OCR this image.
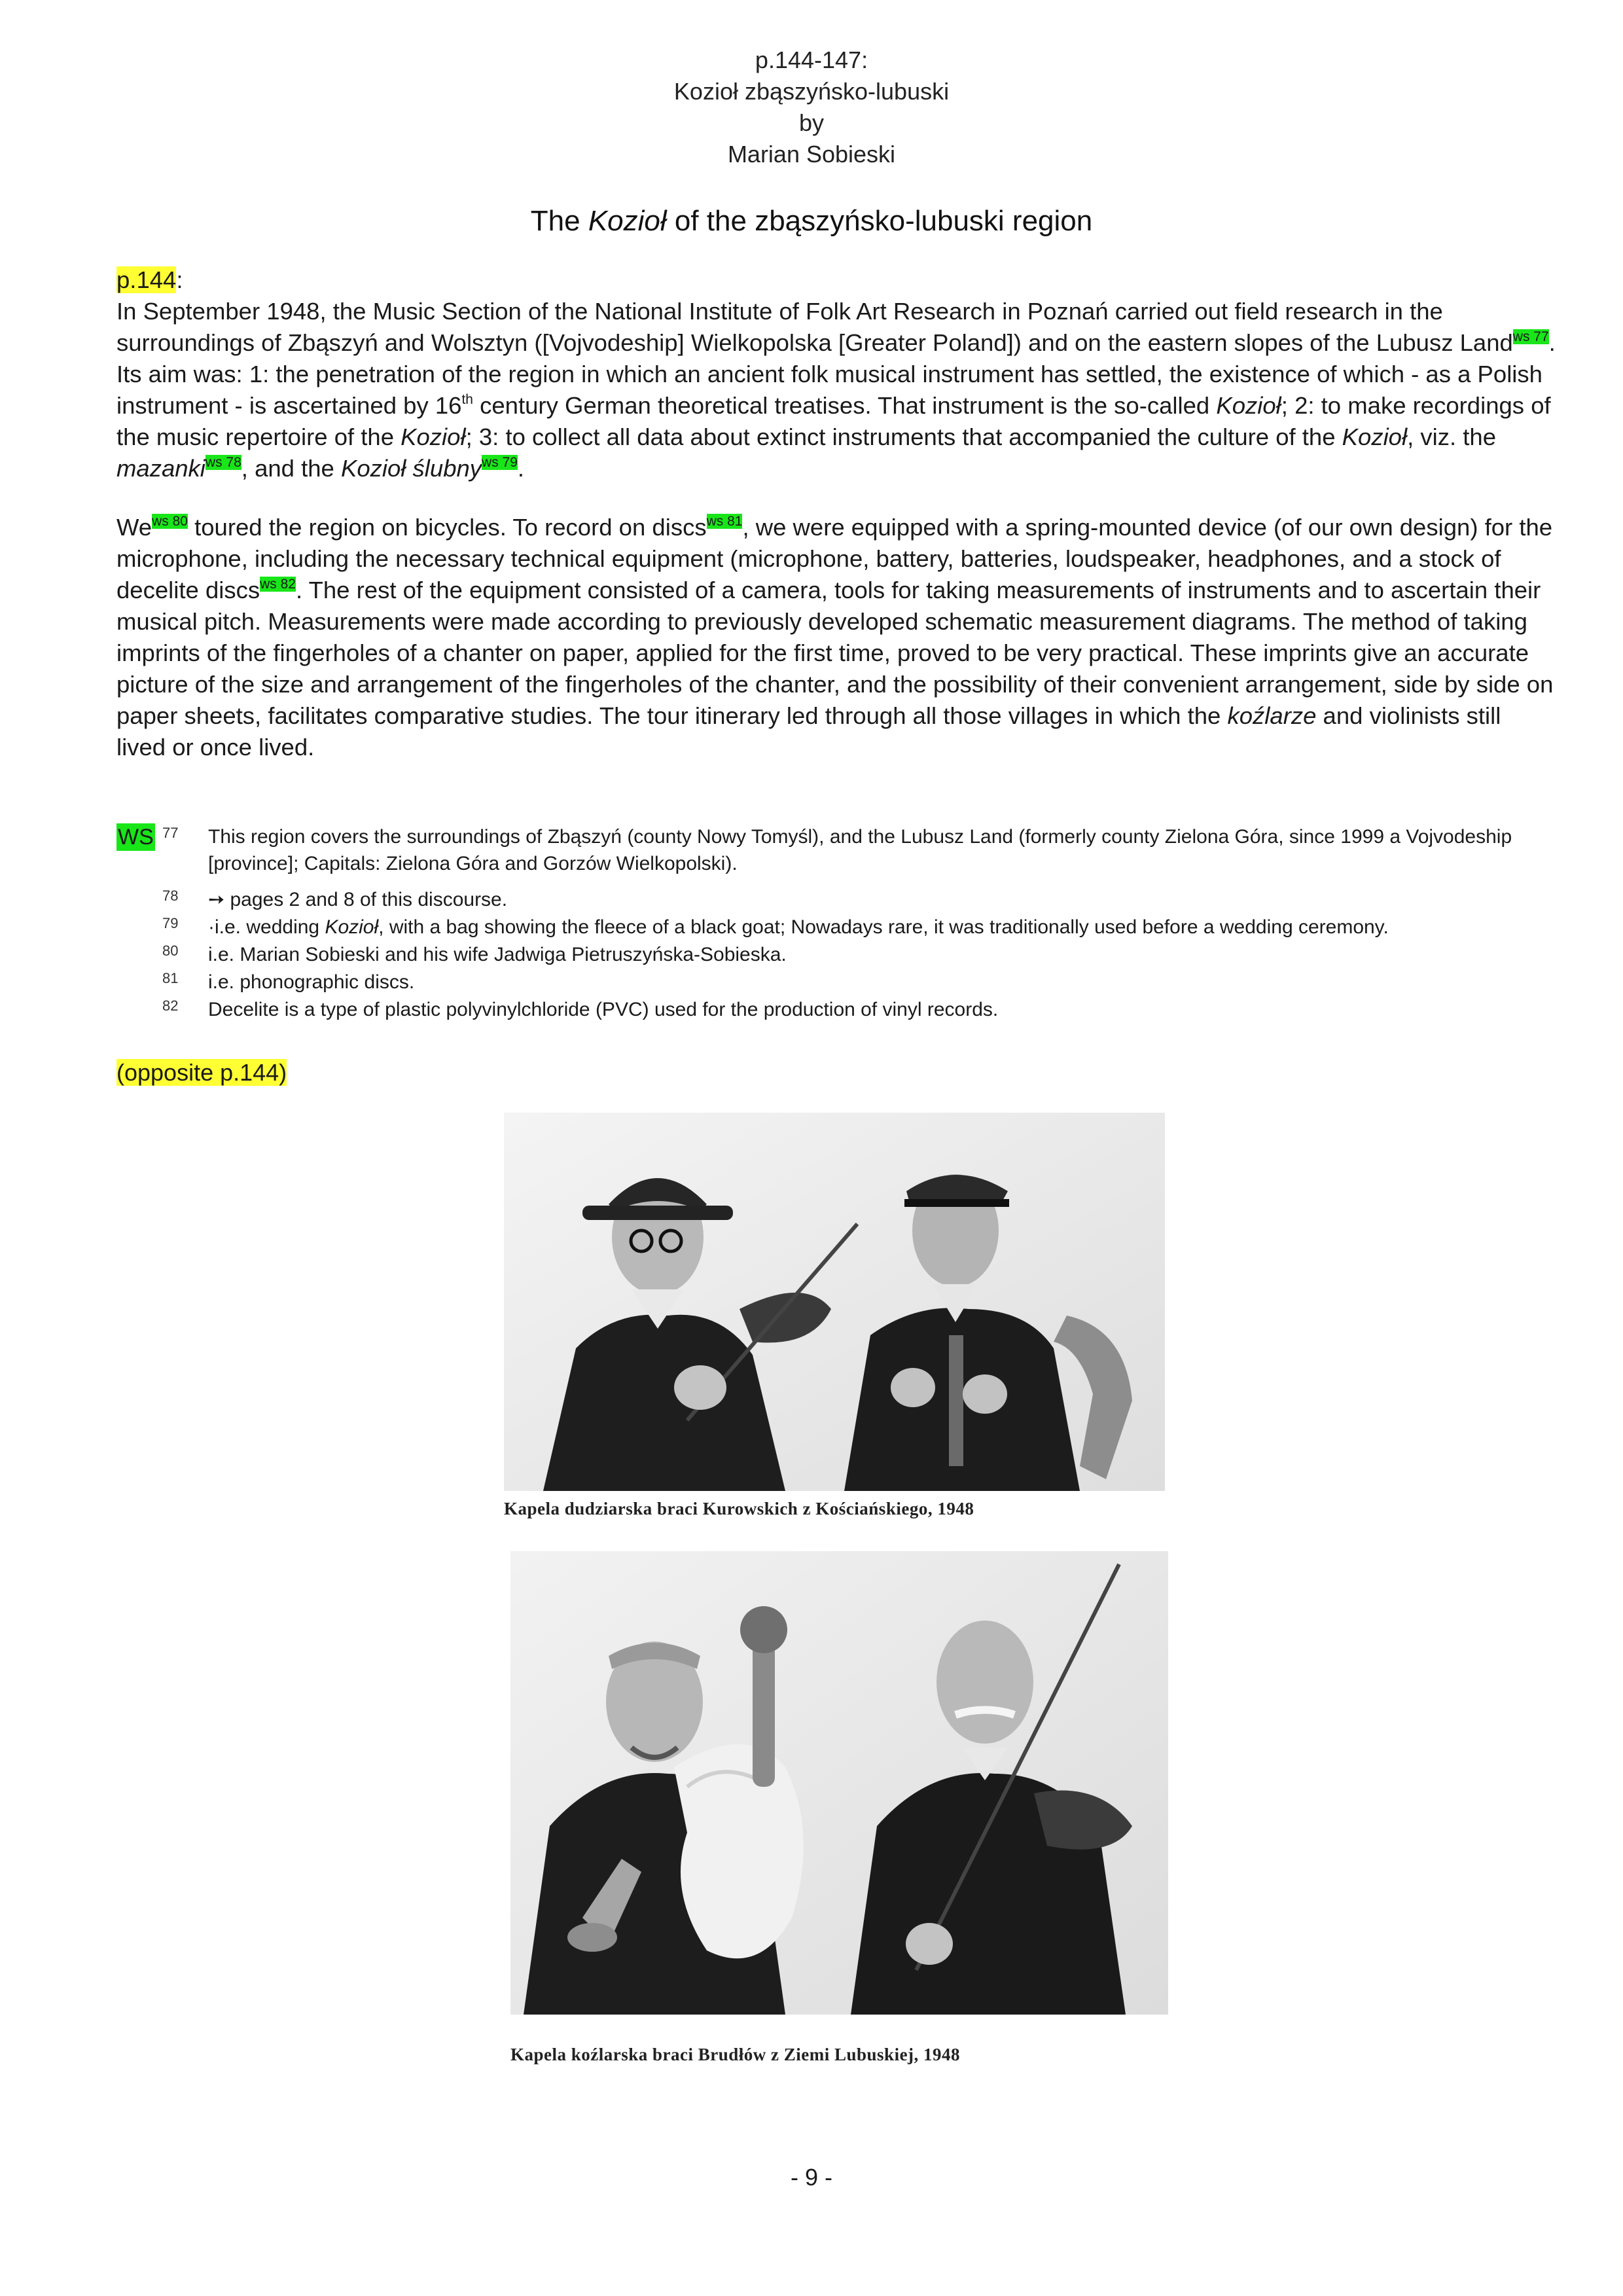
p.144-147:
Kozioł zbąszyńsko-lubuski
by
Marian Sobieski
The Kozioł of the zbąszyńsko-lubuski region
p.144:
In September 1948, the Music Section of the National Institute of Folk Art Research in Poznań carried out field research in the surroundings of Zbąszyń and Wolsztyn ([Vojvodeship] Wielkopolska [Greater Poland]) and on the eastern slopes of the Lubusz Land$^{ws 77}$. Its aim was: 1: the penetration of the region in which an ancient folk musical instrument has settled, the existence of which - as a Polish instrument - is ascertained by 16th century German theoretical treatises. That instrument is the so-called Kozioł; 2: to make recordings of the music repertoire of the Kozioł; 3: to collect all data about extinct instruments that accompanied the culture of the Kozioł, viz. the mazanki$^{ws 78}$, and the Kozioł ślubny$^{ws 79}$.
$We^{ws 80}$ toured the region on bicycles. To record on discs$^{ws 81}$, we were equipped with a spring-mounted device (of our own design) for the microphone, including the necessary technical equipment (microphone, battery, batteries, loudspeaker, headphones, and a stock of decelite discs$^{ws 82}$. The rest of the equipment consisted of a camera, tools for taking measurements of instruments and to ascertain their musical pitch. Measurements were made according to previously developed schematic measurement diagrams. The method of taking imprints of the fingerholes of a chanter on paper, applied for the first time, proved to be very practical. These imprints give an accurate picture of the size and arrangement of the fingerholes of the chanter, and the possibility of their convenient arrangement, side by side on paper sheets, facilitates comparative studies. The tour itinerary led through all those villages in which the koźlarze and violinists still lived or once lived.
WS 77	This region covers the surroundings of Zbąszyń (county Nowy Tomyśl), and the Lubusz Land (formerly county Zielona Góra, since 1999 a Vojvodeship [province]; Capitals: Zielona Góra and Gorzów Wielkopolski).
78	➙ pages 2 and 8 of this discourse.
79	·i.e. wedding Kozioł, with a bag showing the fleece of a black goat; Nowadays rare, it was traditionally used before a wedding ceremony.
80	i.e. Marian Sobieski and his wife Jadwiga Pietruszyńska-Sobieska.
81	i.e. phonographic discs.
82	Decelite is a type of plastic polyvinylchloride (PVC) used for the production of vinyl records.
(opposite p.144)
Kapela dudziarska braci Kurowskich z Kościańskiego, 1948
Kapela koźlarska braci Brudłów z Ziemi Lubuskiej, 1948
- 9 -
